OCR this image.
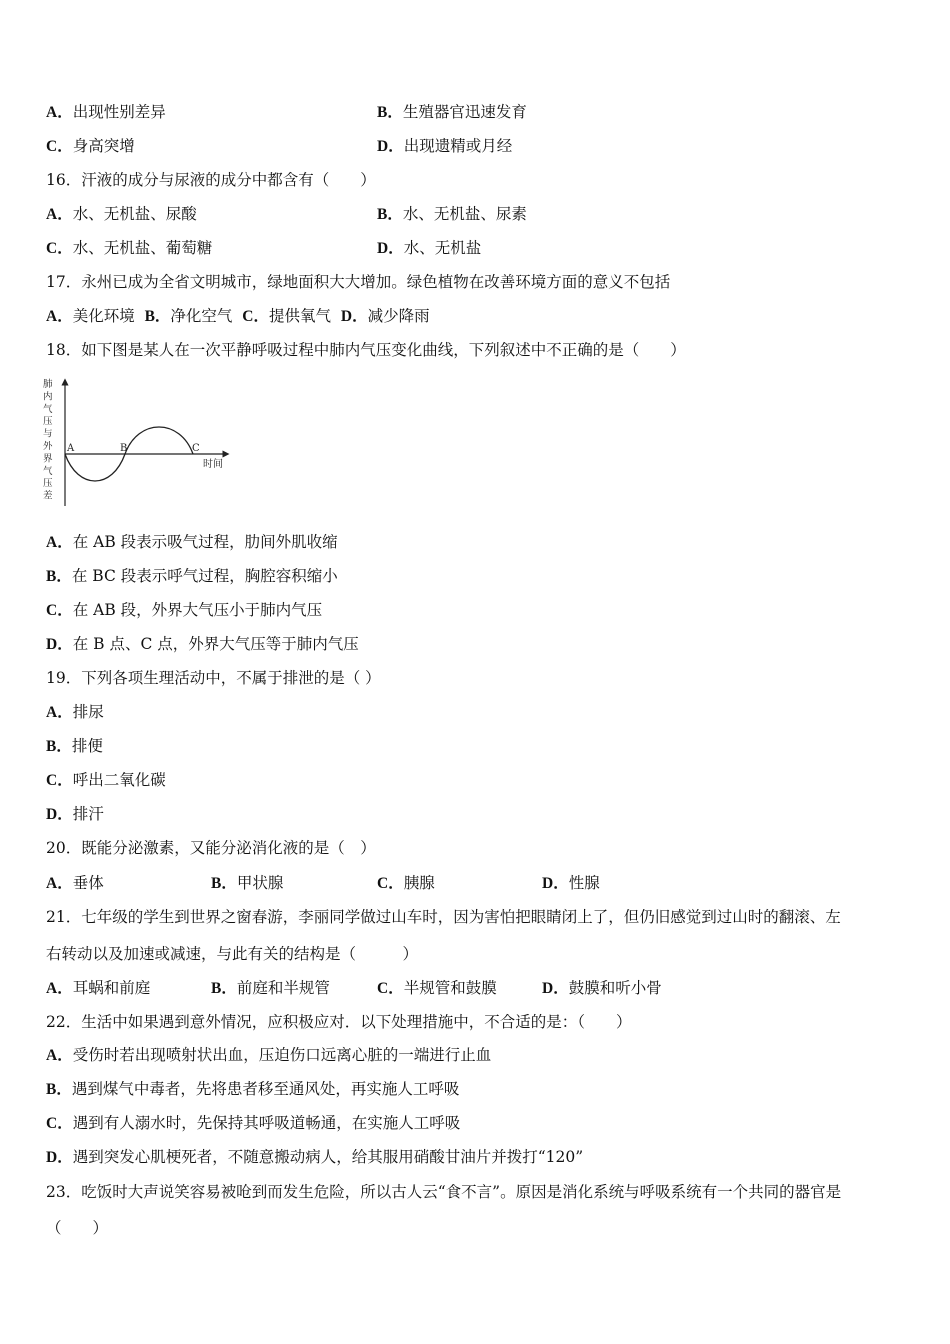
A．出现性别差异	B．生殖器官迅速发育
C．身高突增	D．出现遗精或月经
16．汗液的成分与尿液的成分中都含有（　　）
A．水、无机盐、尿酸	B．水、无机盐、尿素
C．水、无机盐、葡萄糖	D．水、无机盐
17．永州已成为全省文明城市，绿地面积大大增加。绿色植物在改善环境方面的意义不包括
A．美化环境 B．净化空气 C．提供氧气 D．减少降雨
18．如下图是某人在一次平静呼吸过程中肺内气压变化曲线，下列叙述中不正确的是（　　）
肺内气压与外界气压差
A	B	C
时间
A．在 AB 段表示吸气过程，肋间外肌收缩
B．在 BC 段表示呼气过程，胸腔容积缩小
C．在 AB 段，外界大气压小于肺内气压
D．在 B 点、C 点，外界大气压等于肺内气压
19．下列各项生理活动中，不属于排泄的是（ ）
A．排尿
B．排便
C．呼出二氧化碳
D．排汗
20．既能分泌激素，又能分泌消化液的是（　）
A．垂体	B．甲状腺	C．胰腺	D．性腺
21．七年级的学生到世界之窗春游，李丽同学做过山车时，因为害怕把眼睛闭上了，但仍旧感觉到过山时的翻滚、左
右转动以及加速或减速，与此有关的结构是（　　　）
A．耳蜗和前庭	B．前庭和半规管	C．半规管和鼓膜	D．鼓膜和听小骨
22．生活中如果遇到意外情况，应积极应对．以下处理措施中，不合适的是：（　　）
A．受伤时若出现喷射状出血，压迫伤口远离心脏的一端进行止血
B．遇到煤气中毒者，先将患者移至通风处，再实施人工呼吸
C．遇到有人溺水时，先保持其呼吸道畅通，在实施人工呼吸
D．遇到突发心肌梗死者，不随意搬动病人，给其服用硝酸甘油片并拨打“120”
23．吃饭时大声说笑容易被呛到而发生危险，所以古人云“食不言”。原因是消化系统与呼吸系统有一个共同的器官是
（　　）
